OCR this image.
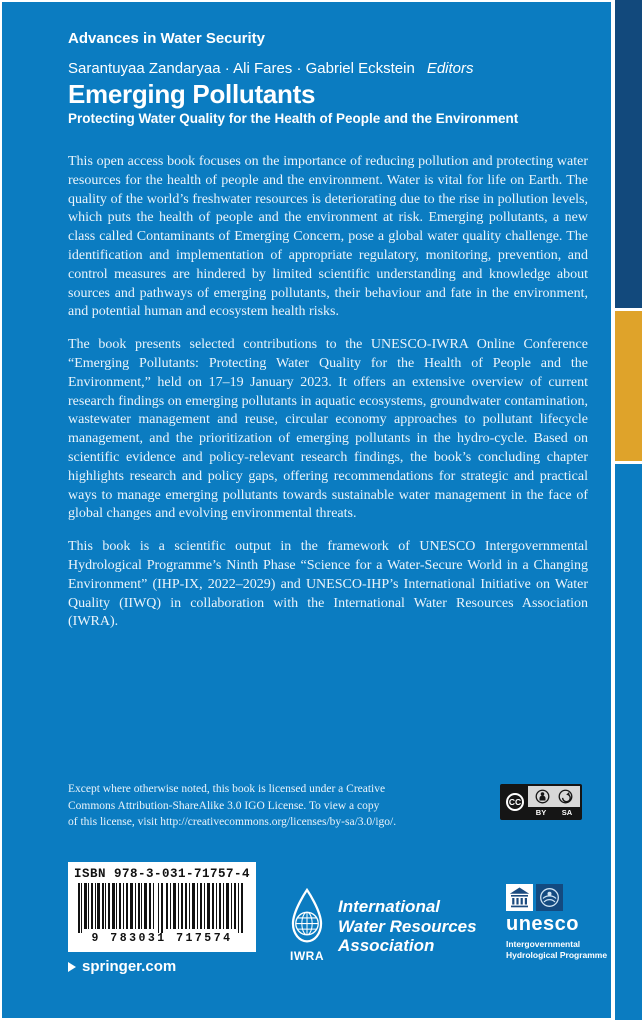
Advances in Water Security
Sarantuyaa Zandaryaa · Ali Fares · Gabriel Eckstein Editors
Emerging Pollutants
Protecting Water Quality for the Health of People and the Environment

This open access book focuses on the importance of reducing pollution and protecting water resources for the health of people and the environment. Water is vital for life on Earth. The quality of the world’s freshwater resources is deteriorating due to the rise in pollution levels, which puts the health of people and the environment at risk. Emerging pollutants, a new class called Contaminants of Emerging Concern, pose a global water quality challenge. The identification and implementation of appropriate regulatory, monitoring, prevention, and control measures are hindered by limited scientific understanding and knowledge about sources and pathways of emerging pollutants, their behaviour and fate in the environment, and potential human and ecosystem health risks.

The book presents selected contributions to the UNESCO-IWRA Online Conference “Emerging Pollutants: Protecting Water Quality for the Health of People and the Environment,” held on 17–19 January 2023. It offers an extensive overview of current research findings on emerging pollutants in aquatic ecosystems, groundwater contamination, wastewater management and reuse, circular economy approaches to pollutant lifecycle management, and the prioritization of emerging pollutants in the hydro-cycle. Based on scientific evidence and policy-relevant research findings, the book’s concluding chapter highlights research and policy gaps, offering recommendations for strategic and practical ways to manage emerging pollutants towards sustainable water management in the face of global changes and evolving environmental threats.

This book is a scientific output in the framework of UNESCO Intergovernmental Hydrological Programme’s Ninth Phase “Science for a Water-Secure World in a Changing Environment” (IHP-IX, 2022–2029) and UNESCO-IHP’s International Initiative on Water Quality (IIWQ) in collaboration with the International Water Resources Association (IWRA).

Except where otherwise noted, this book is licensed under a Creative
Commons Attribution-ShareAlike 3.0 IGO License. To view a copy
of this license, visit http://creativecommons.org/licenses/by-sa/3.0/igo/.
CC
BY SA
ISBN 978-3-031-71757-4
9 783031 717574
springer.com
IWRA
International
Water Resources
Association
unesco
Intergovernmental
Hydrological Programme
